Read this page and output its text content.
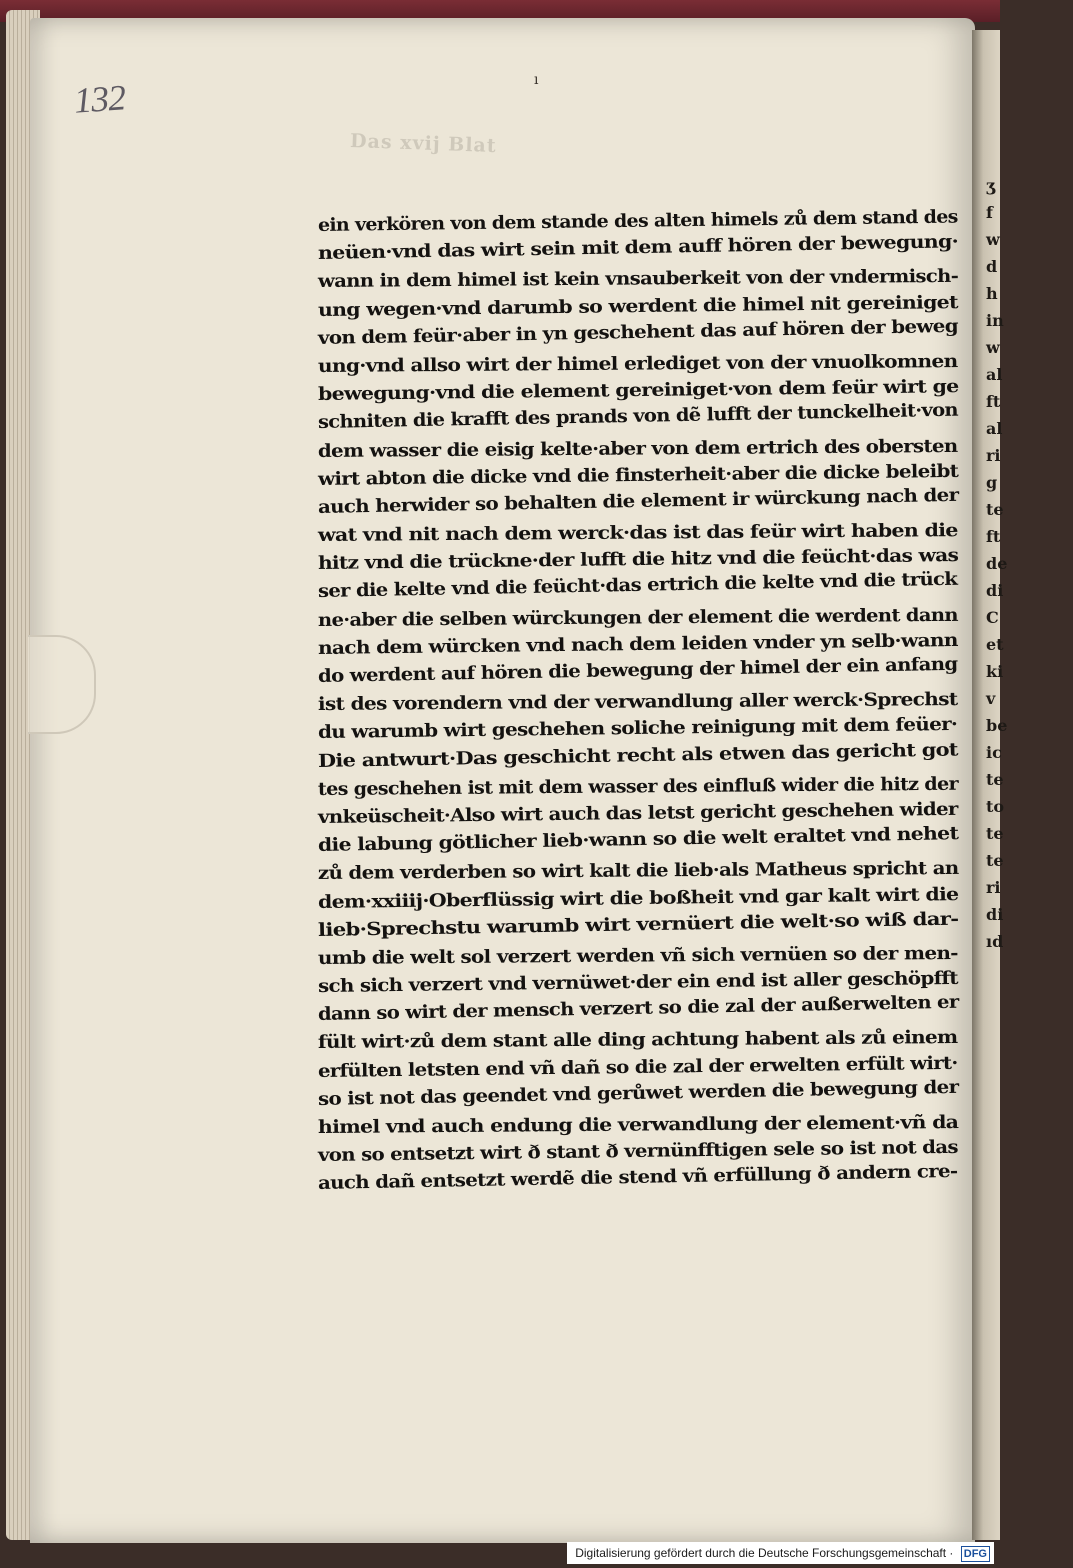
ʒ
f
w
d
h
in
w
al
ft
al
ri
g
te
ft
de
di
C
et
ki
v
be
ic
te
to
te
te
ri
di
ıd
132
Das xvij Blat
ı
ein verkören von dem stande des alten himels zů dem stand des
neüen·vnd das wirt sein mit dem auff hören der bewegung·
wann in dem himel ist kein vnsauberkeit von der vndermisch-
ung wegen·vnd darumb so werdent die himel nit gereiniget
von dem feür·aber in yn geschehent das auf hören der beweg
ung·vnd allso wirt der himel erlediget von der vnuolkomnen
bewegung·vnd die element gereiniget·von dem feür wirt ge
schniten die krafft des prands von dẽ lufft der tunckelheit·von
dem wasser die eisig kelte·aber von dem ertrich des obersten
wirt abton die dicke vnd die finsterheit·aber die dicke beleibt
auch herwider so behalten die element ir würckung nach der
wat vnd nit nach dem werck·das ist das feür wirt haben die
hitz vnd die trückne·der lufft die hitz vnd die feücht·das was
ser die kelte vnd die feücht·das ertrich die kelte vnd die trück
ne·aber die selben würckungen der element die werdent dann
nach dem würcken vnd nach dem leiden vnder yn selb·wann
do werdent auf hören die bewegung der himel der ein anfang
ist des vorendern vnd der verwandlung aller werck·Sprechst
du warumb wirt geschehen soliche reinigung mit dem feüer·
Die antwurt·Das geschicht recht als etwen das gericht got
tes geschehen ist mit dem wasser des einfluß wider die hitz der
vnkeüscheit·Also wirt auch das letst gericht geschehen wider
die labung götlicher lieb·wann so die welt eraltet vnd nehet
zů dem verderben so wirt kalt die lieb·als Matheus spricht an
dem·xxiiij·Oberflüssig wirt die boßheit vnd gar kalt wirt die
lieb·Sprechstu warumb wirt vernüert die welt·so wiß dar-
umb die welt sol verzert werden vñ sich vernüen so der men-
sch sich verzert vnd vernüwet·der ein end ist aller geschöpfft
dann so wirt der mensch verzert so die zal der außerwelten er
fült wirt·zů dem stant alle ding achtung habent als zů einem
erfülten letsten end vñ dañ so die zal der erwelten erfült wirt·
so ist not das geendet vnd gerůwet werden die bewegung der
himel vnd auch endung die verwandlung der element·vñ da
von so entsetzt wirt ð stant ð vernünfftigen sele so ist not das
auch dañ entsetzt werdẽ die stend vñ erfüllung ð andern cre-
Digitalisierung gefördert durch die Deutsche Forschungsgemeinschaft · DFG
